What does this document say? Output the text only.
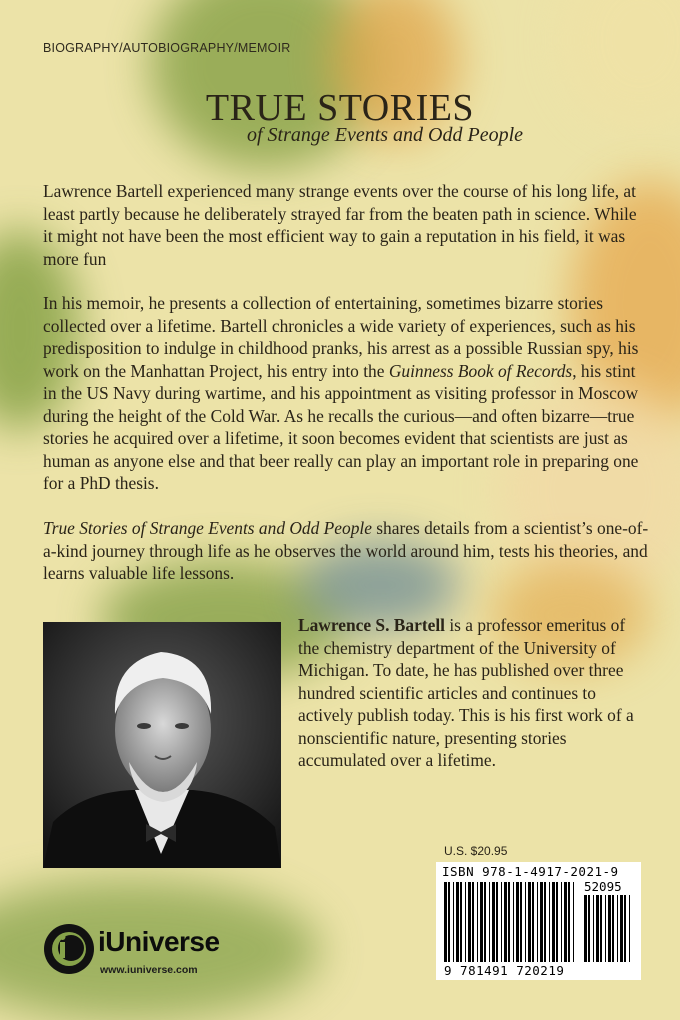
BIOGRAPHY/AUTOBIOGRAPHY/MEMOIR
TRUE STORIES
of Strange Events and Odd People

Lawrence Bartell experienced many strange events over the course of his long life, at least partly because he deliberately strayed far from the beaten path in science. While it might not have been the most efficient way to gain a reputation in his field, it was more fun

In his memoir, he presents a collection of entertaining, sometimes bizarre stories collected over a lifetime. Bartell chronicles a wide variety of experiences, such as his predisposition to indulge in childhood pranks, his arrest as a possible Russian spy, his work on the Manhattan Project, his entry into the Guinness Book of Records, his stint in the US Navy during wartime, and his appointment as visiting professor in Moscow during the height of the Cold War. As he recalls the curious—and often bizarre—true stories he acquired over a lifetime, it soon becomes evident that scientists are just as human as anyone else and that beer really can play an important role in preparing one for a PhD thesis.

True Stories of Strange Events and Odd People shares details from a scientist’s one-of-a-kind journey through life as he observes the world around him, tests his theories, and learns valuable life lessons.

Lawrence S. Bartell is a professor emeritus of the chemistry department of the University of Michigan. To date, he has published over three hundred scientific articles and continues to actively publish today. This is his first work of a nonscientific nature, presenting stories accumulated over a lifetime.

U.S. $20.95
ISBN 978-1-4917-2021-9
52095
9 781491 720219
iUniverse
www.iuniverse.com
